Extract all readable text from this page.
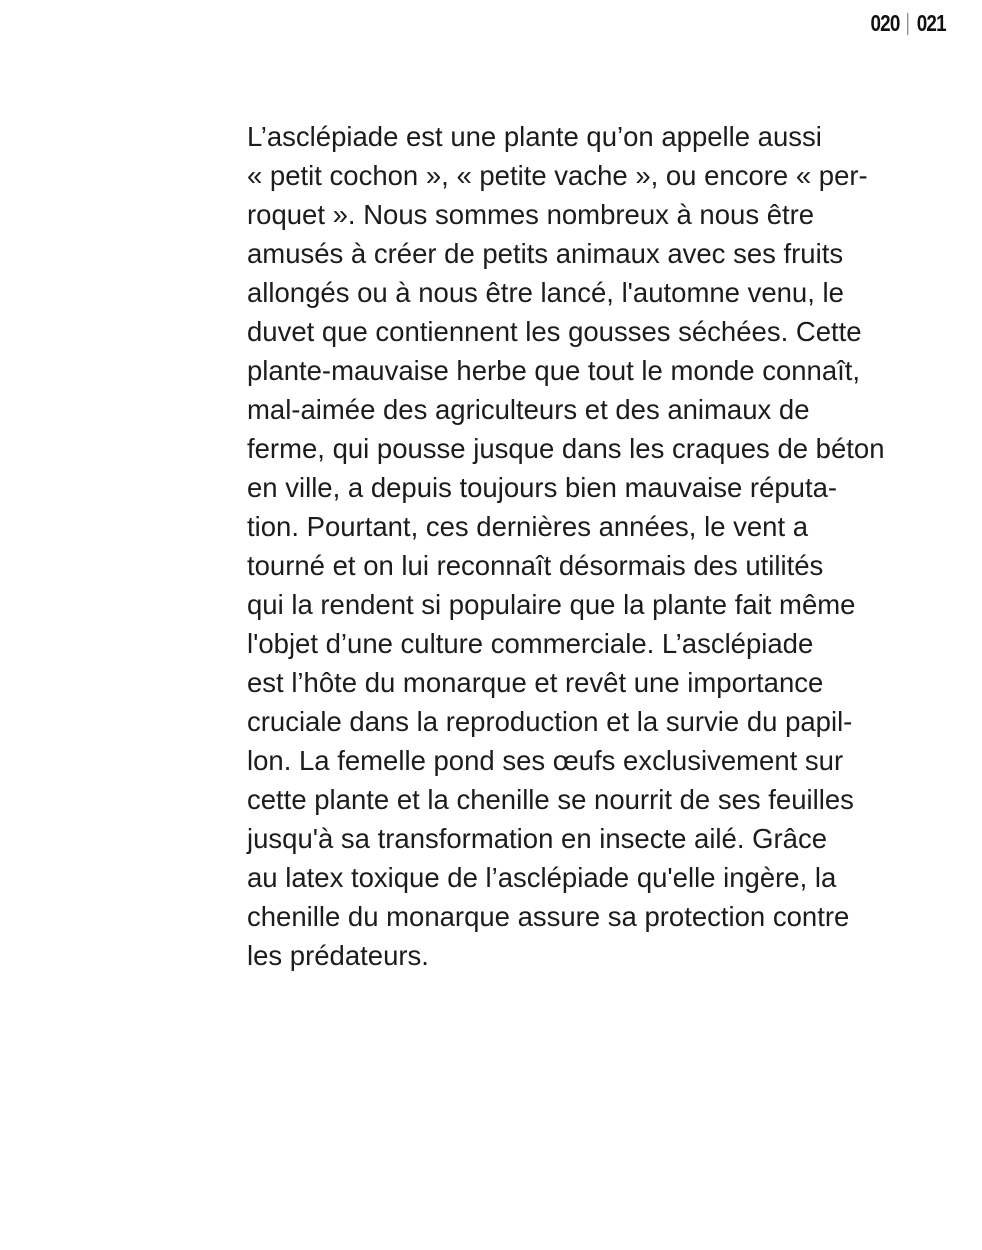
020 021

L’asclépiade est une plante qu’on appelle aussi
« petit cochon », « petite vache », ou encore « per-
roquet ». Nous sommes nombreux à nous être
amusés à créer de petits animaux avec ses fruits
allongés ou à nous être lancé, l'automne venu, le
duvet que contiennent les gousses séchées. Cette
plante-mauvaise herbe que tout le monde connaît,
mal-aimée des agriculteurs et des animaux de
ferme, qui pousse jusque dans les craques de béton
en ville, a depuis toujours bien mauvaise réputa-
tion. Pourtant, ces dernières années, le vent a
tourné et on lui reconnaît désormais des utilités
qui la rendent si populaire que la plante fait même
l'objet d’une culture commerciale. L’asclépiade
est l’hôte du monarque et revêt une importance
cruciale dans la reproduction et la survie du papil-
lon. La femelle pond ses œufs exclusivement sur
cette plante et la chenille se nourrit de ses feuilles
jusqu'à sa transformation en insecte ailé. Grâce
au latex toxique de l’asclépiade qu'elle ingère, la
chenille du monarque assure sa protection contre
les prédateurs.
